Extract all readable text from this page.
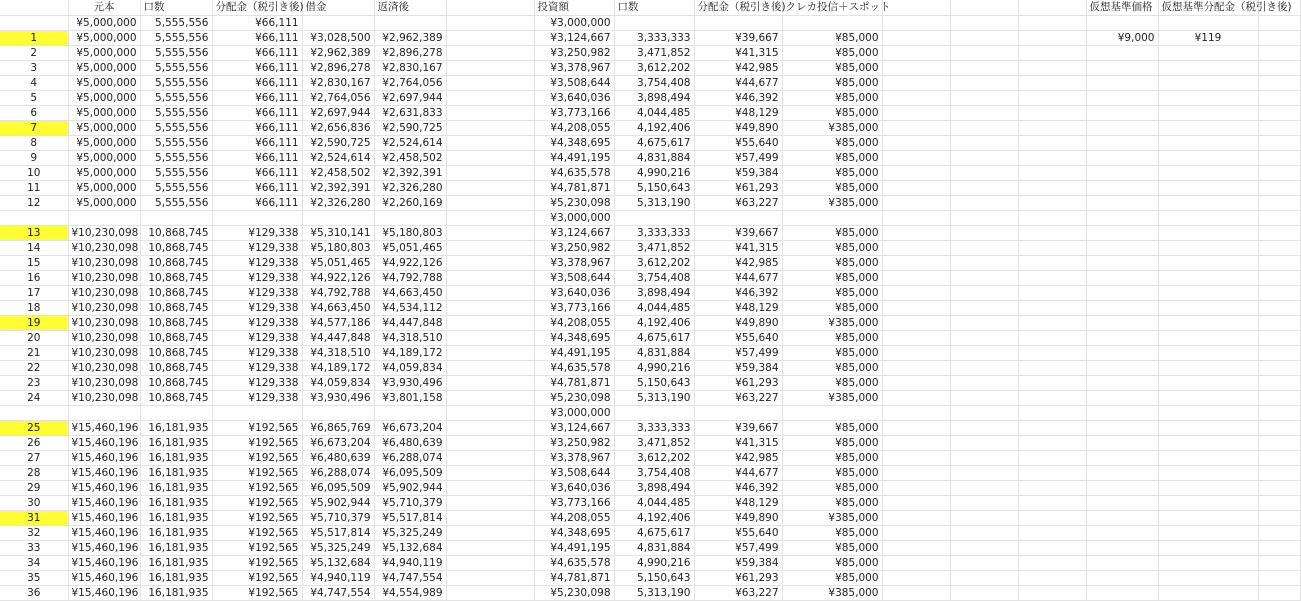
	元本	口数	分配金（税引き後)	借金	返済後		投資額	口数	分配金（税引き後)	クレカ投信＋スポット				仮想基準価格	仮想基準分配金（税引き後)	
	¥5,000,000	5,555,556	¥66,111				¥3,000,000									
1	¥5,000,000	5,555,556	¥66,111	¥3,028,500	¥2,962,389		¥3,124,667	3,333,333	¥39,667	¥85,000				¥9,000	¥119	
2	¥5,000,000	5,555,556	¥66,111	¥2,962,389	¥2,896,278		¥3,250,982	3,471,852	¥41,315	¥85,000						
3	¥5,000,000	5,555,556	¥66,111	¥2,896,278	¥2,830,167		¥3,378,967	3,612,202	¥42,985	¥85,000						
4	¥5,000,000	5,555,556	¥66,111	¥2,830,167	¥2,764,056		¥3,508,644	3,754,408	¥44,677	¥85,000						
5	¥5,000,000	5,555,556	¥66,111	¥2,764,056	¥2,697,944		¥3,640,036	3,898,494	¥46,392	¥85,000						
6	¥5,000,000	5,555,556	¥66,111	¥2,697,944	¥2,631,833		¥3,773,166	4,044,485	¥48,129	¥85,000						
7	¥5,000,000	5,555,556	¥66,111	¥2,656,836	¥2,590,725		¥4,208,055	4,192,406	¥49,890	¥385,000						
8	¥5,000,000	5,555,556	¥66,111	¥2,590,725	¥2,524,614		¥4,348,695	4,675,617	¥55,640	¥85,000						
9	¥5,000,000	5,555,556	¥66,111	¥2,524,614	¥2,458,502		¥4,491,195	4,831,884	¥57,499	¥85,000						
10	¥5,000,000	5,555,556	¥66,111	¥2,458,502	¥2,392,391		¥4,635,578	4,990,216	¥59,384	¥85,000						
11	¥5,000,000	5,555,556	¥66,111	¥2,392,391	¥2,326,280		¥4,781,871	5,150,643	¥61,293	¥85,000						
12	¥5,000,000	5,555,556	¥66,111	¥2,326,280	¥2,260,169		¥5,230,098	5,313,190	¥63,227	¥385,000						
							¥3,000,000									
13	¥10,230,098	10,868,745	¥129,338	¥5,310,141	¥5,180,803		¥3,124,667	3,333,333	¥39,667	¥85,000						
14	¥10,230,098	10,868,745	¥129,338	¥5,180,803	¥5,051,465		¥3,250,982	3,471,852	¥41,315	¥85,000						
15	¥10,230,098	10,868,745	¥129,338	¥5,051,465	¥4,922,126		¥3,378,967	3,612,202	¥42,985	¥85,000						
16	¥10,230,098	10,868,745	¥129,338	¥4,922,126	¥4,792,788		¥3,508,644	3,754,408	¥44,677	¥85,000						
17	¥10,230,098	10,868,745	¥129,338	¥4,792,788	¥4,663,450		¥3,640,036	3,898,494	¥46,392	¥85,000						
18	¥10,230,098	10,868,745	¥129,338	¥4,663,450	¥4,534,112		¥3,773,166	4,044,485	¥48,129	¥85,000						
19	¥10,230,098	10,868,745	¥129,338	¥4,577,186	¥4,447,848		¥4,208,055	4,192,406	¥49,890	¥385,000						
20	¥10,230,098	10,868,745	¥129,338	¥4,447,848	¥4,318,510		¥4,348,695	4,675,617	¥55,640	¥85,000						
21	¥10,230,098	10,868,745	¥129,338	¥4,318,510	¥4,189,172		¥4,491,195	4,831,884	¥57,499	¥85,000						
22	¥10,230,098	10,868,745	¥129,338	¥4,189,172	¥4,059,834		¥4,635,578	4,990,216	¥59,384	¥85,000						
23	¥10,230,098	10,868,745	¥129,338	¥4,059,834	¥3,930,496		¥4,781,871	5,150,643	¥61,293	¥85,000						
24	¥10,230,098	10,868,745	¥129,338	¥3,930,496	¥3,801,158		¥5,230,098	5,313,190	¥63,227	¥385,000						
							¥3,000,000									
25	¥15,460,196	16,181,935	¥192,565	¥6,865,769	¥6,673,204		¥3,124,667	3,333,333	¥39,667	¥85,000						
26	¥15,460,196	16,181,935	¥192,565	¥6,673,204	¥6,480,639		¥3,250,982	3,471,852	¥41,315	¥85,000						
27	¥15,460,196	16,181,935	¥192,565	¥6,480,639	¥6,288,074		¥3,378,967	3,612,202	¥42,985	¥85,000						
28	¥15,460,196	16,181,935	¥192,565	¥6,288,074	¥6,095,509		¥3,508,644	3,754,408	¥44,677	¥85,000						
29	¥15,460,196	16,181,935	¥192,565	¥6,095,509	¥5,902,944		¥3,640,036	3,898,494	¥46,392	¥85,000						
30	¥15,460,196	16,181,935	¥192,565	¥5,902,944	¥5,710,379		¥3,773,166	4,044,485	¥48,129	¥85,000						
31	¥15,460,196	16,181,935	¥192,565	¥5,710,379	¥5,517,814		¥4,208,055	4,192,406	¥49,890	¥385,000						
32	¥15,460,196	16,181,935	¥192,565	¥5,517,814	¥5,325,249		¥4,348,695	4,675,617	¥55,640	¥85,000						
33	¥15,460,196	16,181,935	¥192,565	¥5,325,249	¥5,132,684		¥4,491,195	4,831,884	¥57,499	¥85,000						
34	¥15,460,196	16,181,935	¥192,565	¥5,132,684	¥4,940,119		¥4,635,578	4,990,216	¥59,384	¥85,000						
35	¥15,460,196	16,181,935	¥192,565	¥4,940,119	¥4,747,554		¥4,781,871	5,150,643	¥61,293	¥85,000						
36	¥15,460,196	16,181,935	¥192,565	¥4,747,554	¥4,554,989		¥5,230,098	5,313,190	¥63,227	¥385,000						
